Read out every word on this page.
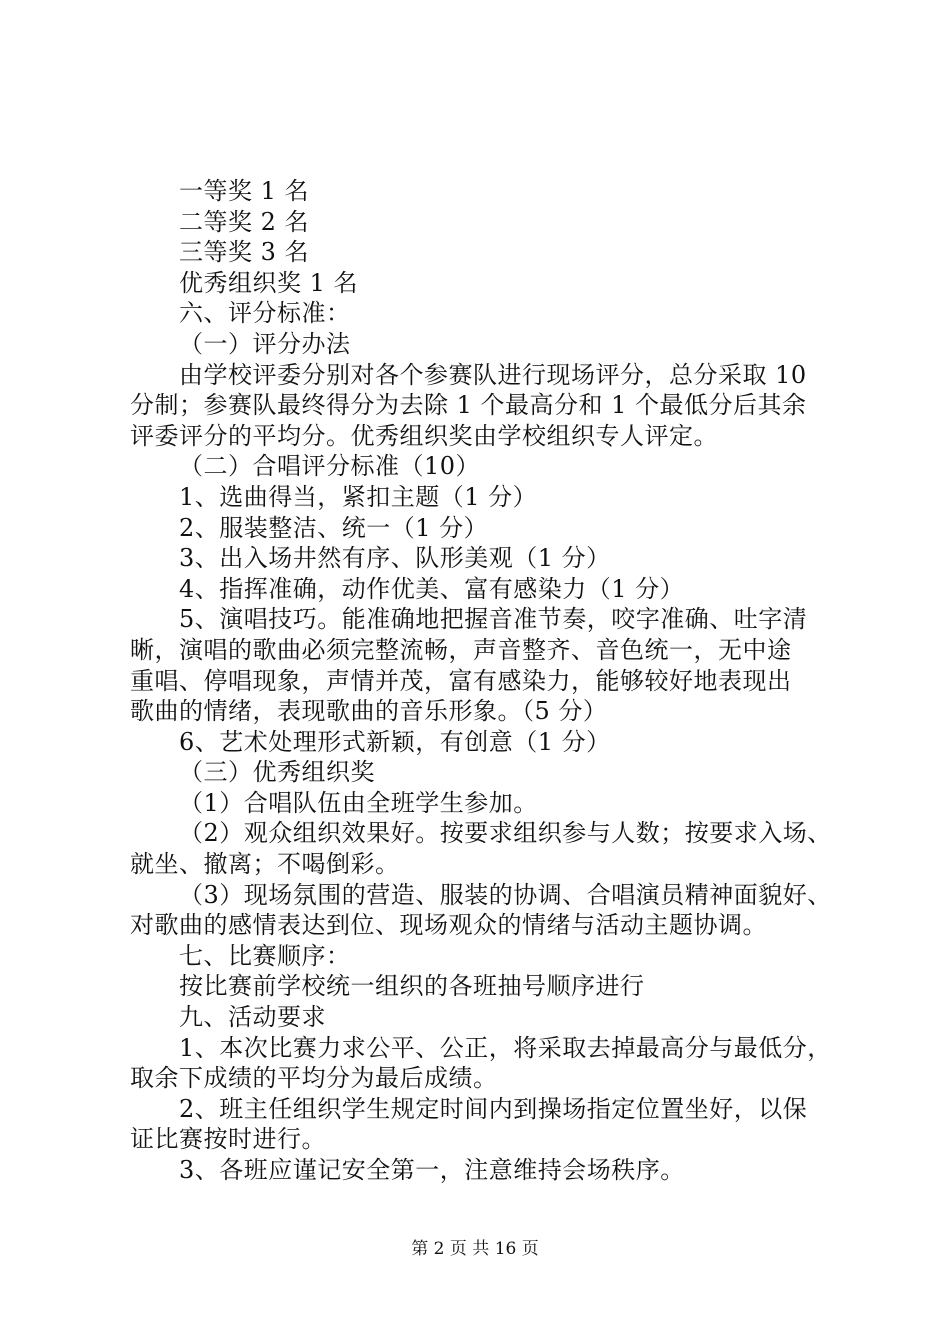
一等奖 1 名
二等奖 2 名
三等奖 3 名
优秀组织奖 1 名
六、评分标准：
（一）评分办法
由学校评委分别对各个参赛队进行现场评分，总分采取 10
分制；参赛队最终得分为去除 1 个最高分和 1 个最低分后其余
评委评分的平均分。优秀组织奖由学校组织专人评定。
（二）合唱评分标准（10）
1、选曲得当，紧扣主题（1 分）
2、服装整洁、统一（1 分）
3、出入场井然有序、队形美观（1 分）
4、指挥准确，动作优美、富有感染力（1 分）
5、演唱技巧。能准确地把握音准节奏，咬字准确、吐字清
晰，演唱的歌曲必须完整流畅，声音整齐、音色统一，无中途
重唱、停唱现象，声情并茂，富有感染力，能够较好地表现出
歌曲的情绪，表现歌曲的音乐形象。（5 分）
6、艺术处理形式新颖，有创意（1 分）
（三）优秀组织奖
（1）合唱队伍由全班学生参加。
（2）观众组织效果好。按要求组织参与人数；按要求入场、
就坐、撤离；不喝倒彩。
（3）现场氛围的营造、服装的协调、合唱演员精神面貌好、
对歌曲的感情表达到位、现场观众的情绪与活动主题协调。
七、比赛顺序：
按比赛前学校统一组织的各班抽号顺序进行
九、活动要求
1、本次比赛力求公平、公正，将采取去掉最高分与最低分，
取余下成绩的平均分为最后成绩。
2、班主任组织学生规定时间内到操场指定位置坐好，以保
证比赛按时进行。
3、各班应谨记安全第一，注意维持会场秩序。
第 2 页 共 16 页
